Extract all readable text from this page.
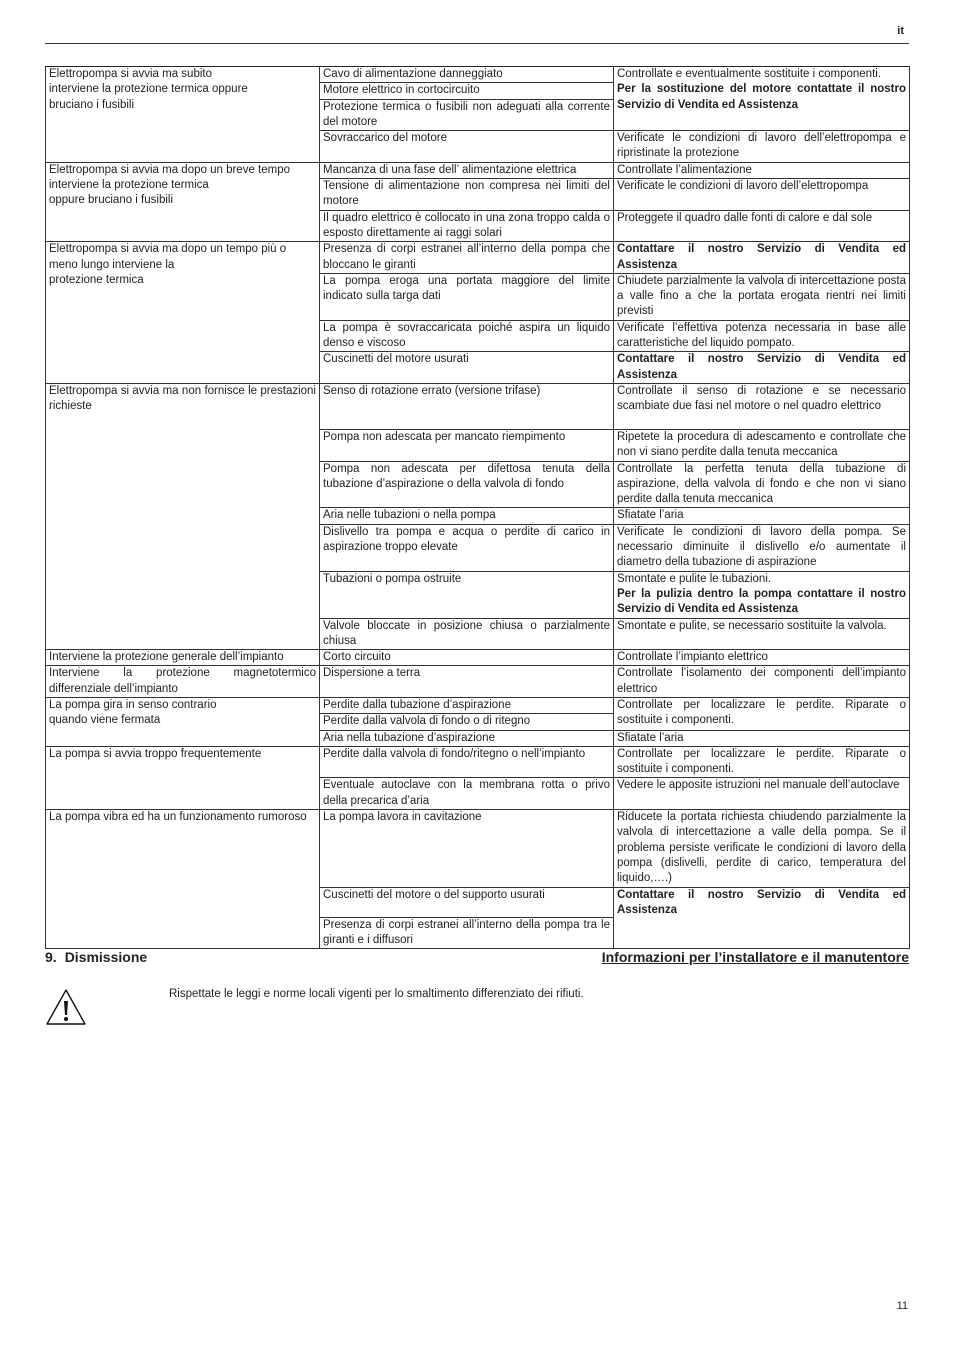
it
Elettropompa si avvia ma subito
interviene la protezione termica oppure
bruciano i fusibili	Cavo di alimentazione danneggiato	Controllate e eventualmente sostituite i componenti.
Per la sostituzione del motore contattate il nostro Servizio di Vendita ed Assistenza
	Motore elettrico in cortocircuito	
	Protezione termica o fusibili non adeguati alla corrente del motore	
	Sovraccarico del motore	Verificate le condizioni di lavoro dell’elettropompa e ripristinate la protezione
Elettropompa si avvia ma dopo un breve tempo
interviene la protezione termica
oppure bruciano i fusibili	Mancanza di una fase dell’ alimentazione elettrica	Controllate l’alimentazione
	Tensione di alimentazione non compresa nei limiti del motore	Verificate le condizioni di lavoro dell’elettropompa
	Il quadro elettrico è collocato in una zona troppo calda o esposto direttamente ai raggi solari	Proteggete il quadro dalle fonti di calore e dal sole
Elettropompa si avvia ma dopo un tempo più o
meno lungo interviene la
protezione termica	Presenza di corpi estranei all’interno della pompa che bloccano le giranti	Contattare il nostro Servizio di Vendita ed Assistenza
	La pompa eroga una portata maggiore del limite indicato sulla targa dati	Chiudete parzialmente la valvola di intercettazione posta a valle fino a che la portata erogata rientri nei limiti previsti
	La pompa è sovraccaricata poiché aspira un liquido denso e viscoso	Verificate l’effettiva potenza necessaria in base alle caratteristiche del liquido pompato.
	Cuscinetti del motore usurati	Contattare il nostro Servizio di Vendita ed Assistenza
Elettropompa si avvia ma non fornisce le prestazioni richieste	Senso di rotazione errato (versione trifase)	Controllate il senso di rotazione e se necessario scambiate due fasi nel motore o nel quadro elettrico
	Pompa non adescata per mancato riempimento	Ripetete la procedura di adescamento e controllate che non vi siano perdite dalla tenuta meccanica
	Pompa non adescata per difettosa tenuta della tubazione d’aspirazione o della valvola di fondo	Controllate la perfetta tenuta della tubazione di aspirazione, della valvola di fondo e che non vi siano perdite dalla tenuta meccanica
	Aria nelle tubazioni o nella pompa	Sfiatate l’aria
	Dislivello tra pompa e acqua o perdite di carico in aspirazione troppo elevate	Verificate le condizioni di lavoro della pompa. Se necessario diminuite il dislivello e/o aumentate il diametro della tubazione di aspirazione
	Tubazioni o pompa ostruite	Smontate e pulite le tubazioni.
Per la pulizia dentro la pompa contattare il nostro Servizio di Vendita ed Assistenza
	Valvole bloccate in posizione chiusa o parzialmente chiusa	Smontate e pulite, se necessario sostituite la valvola.
Interviene la protezione generale dell’impianto	Corto circuito	Controllate l’impianto elettrico
Interviene la protezione magnetotermico differenziale dell’impianto	Dispersione a terra	Controllate l’isolamento dei componenti dell’impianto elettrico
La pompa gira in senso contrario
quando viene fermata	Perdite dalla tubazione d’aspirazione	Controllate per localizzare le perdite. Riparate o sostituite i componenti.
	Perdite dalla valvola di fondo o di ritegno	
	Aria nella tubazione d’aspirazione	Sfiatate l’aria
La pompa si avvia troppo frequentemente	Perdite dalla valvola di fondo/ritegno o nell’impianto	Controllate per localizzare le perdite. Riparate o sostituite i componenti.
	Eventuale autoclave con la membrana rotta o privo della precarica d’aria	Vedere le apposite istruzioni nel manuale dell’autoclave
La pompa vibra ed ha un funzionamento rumoroso	La pompa lavora in cavitazione	Riducete la portata richiesta chiudendo parzialmente la valvola di intercettazione a valle della pompa. Se il problema persiste verificate le condizioni di lavoro della pompa (dislivelli, perdite di carico, temperatura del liquido,….)
	Cuscinetti del motore o del supporto usurati	Contattare il nostro Servizio di Vendita ed Assistenza
	Presenza di corpi estranei all’interno della pompa tra le giranti e i diffusori	
9. Dismissione	Informazioni per l’installatore e il manutentore
Rispettate le leggi e norme locali vigenti per lo smaltimento differenziato dei rifiuti.
11
